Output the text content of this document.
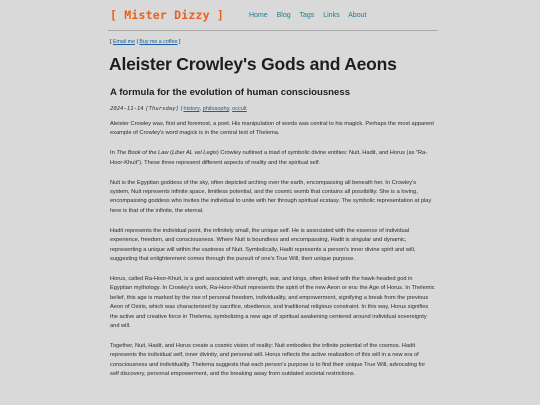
[ Mister Dizzy ]	Home Blog Tags Links About
[ Email me | Buy me a coffee ]
Aleister Crowley's Gods and Aeons
A formula for the evolution of human consciousness
2024-11-14 [Thursday] | history, philosophy, occult

Aleister Crowley was, first and foremost, a poet. His manipulation of words was central to his magick. Perhaps the most apparent example of Crowley's word magick is in the central text of Thelema.

In The Book of the Law (Liber AL vel Legis) Crowley outlined a triad of symbolic divine entities: Nuit, Hadit, and Horus (as "Ra-Hoor-Khuit"). These three represent different aspects of reality and the spiritual self.

Nuit is the Egyptian goddess of the sky, often depicted arching over the earth, encompassing all beneath her. In Crowley's system, Nuit represents infinite space, limitless potential, and the cosmic womb that contains all possibility. She is a loving, encompassing goddess who invites the individual to unite with her through spiritual ecstasy. The symbolic representation at play here is that of the infinite, the eternal.

Hadit represents the individual point, the infinitely small, the unique self. He is associated with the essence of individual experience, freedom, and consciousness. Where Nuit is boundless and encompassing, Hadit is singular and dynamic, representing a unique will within the vastness of Nuit. Symbolically, Hadit represents a person's inner divine spirit and will, suggesting that enlightenment comes through the pursuit of one's True Will, their unique purpose.

Horus, called Ra-Hoor-Khuit, is a god associated with strength, war, and kings, often linked with the hawk-headed god in Egyptian mythology. In Crowley's work, Ra-Hoor-Khuit represents the spirit of the new Aeon or era: the Age of Horus. In Thelemic belief, this age is marked by the rise of personal freedom, individuality, and empowerment, signifying a break from the previous Aeon of Osiris, which was characterized by sacrifice, obedience, and traditional religious constraint. In this way, Horus signifies the active and creative force in Thelema, symbolizing a new age of spiritual awakening centered around individual sovereignty and will.

Together, Nuit, Hadit, and Horus create a cosmic vision of reality: Nuit embodies the infinite potential of the cosmos. Hadit represents the individual self, inner divinity, and personal will. Horus reflects the active realization of this will in a new era of consciousness and individuality. Thelema suggests that each person's purpose is to find their unique True Will, advocating for self discovery, personal empowerment, and the breaking away from outdated societal restrictions.
